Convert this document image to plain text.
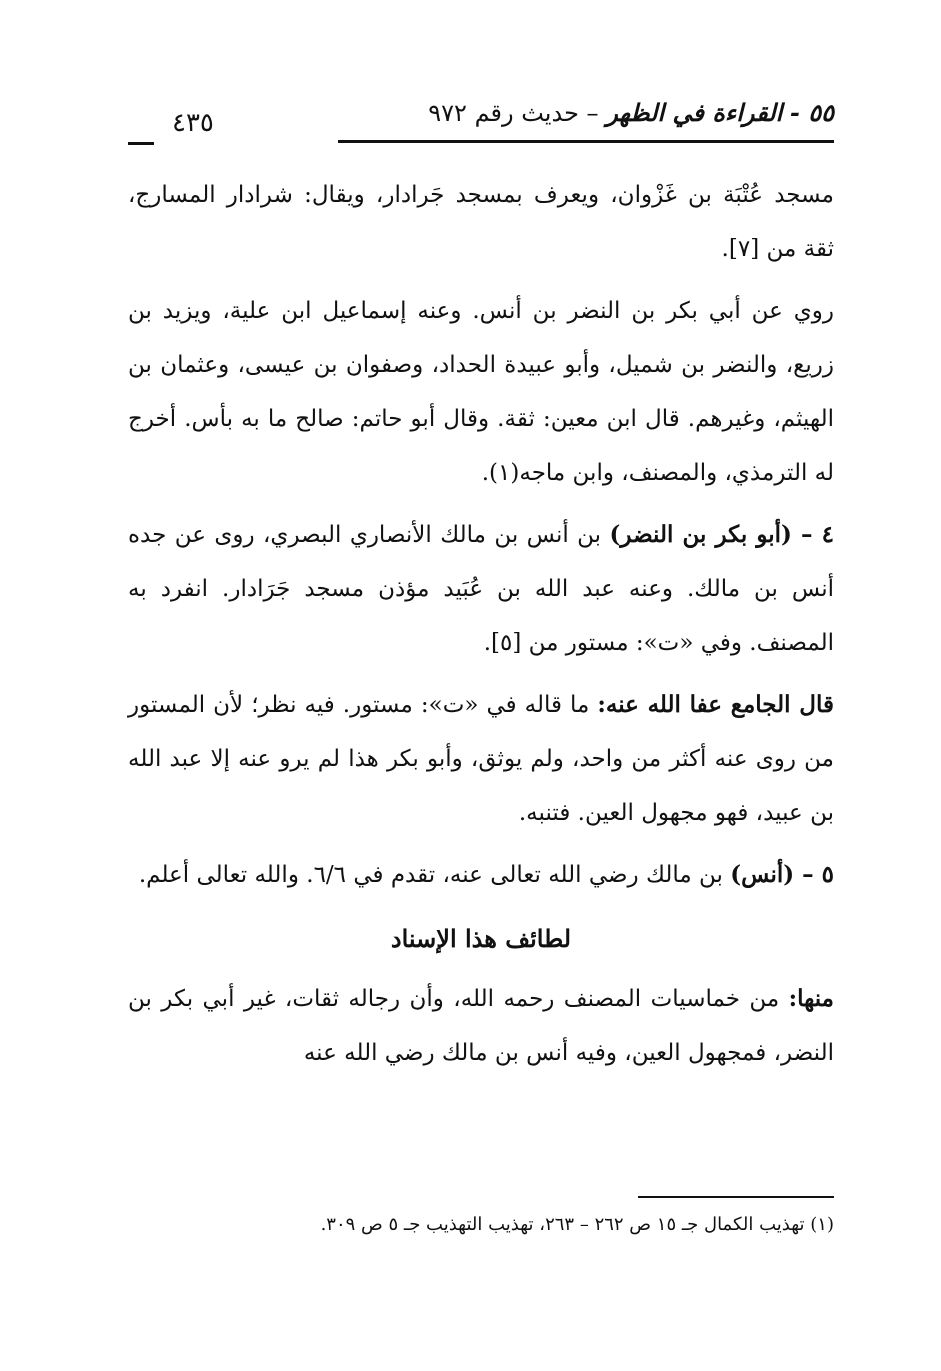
٥٥ - القراءة في الظهر – حديث رقم ٩٧٢
٤٣٥

مسجد عُتْبَة بن غَزْوان، ويعرف بمسجد جَرادار، ويقال: شرادار المسارج، ثقة من [٧].

روي عن أبي بكر بن النضر بن أنس. وعنه إسماعيل ابن علية، ويزيد بن زريع، والنضر بن شميل، وأبو عبيدة الحداد، وصفوان بن عيسى، وعثمان بن الهيثم، وغيرهم. قال ابن معين: ثقة. وقال أبو حاتم: صالح ما به بأس. أخرج له الترمذي، والمصنف، وابن ماجه(١).

٤ – (أبو بكر بن النضر) بن أنس بن مالك الأنصاري البصري، روى عن جده أنس بن مالك. وعنه عبد الله بن عُبَيد مؤذن مسجد جَرَادار. انفرد به المصنف. وفي «ت»: مستور من [٥].

قال الجامع عفا الله عنه: ما قاله في «ت»: مستور. فيه نظر؛ لأن المستور من روى عنه أكثر من واحد، ولم يوثق، وأبو بكر هذا لم يرو عنه إلا عبد الله بن عبيد، فهو مجهول العين. فتنبه.

٥ – (أنس) بن مالك رضي الله تعالى عنه، تقدم في ٦/٦. والله تعالى أعلم.

لطائف هذا الإسناد

منها: من خماسيات المصنف رحمه الله، وأن رجاله ثقات، غير أبي بكر بن النضر، فمجهول العين، وفيه أنس بن مالك رضي الله عنه

(١) تهذيب الكمال جـ ١٥ ص ٢٦٢ – ٢٦٣، تهذيب التهذيب جـ ٥ ص ٣٠٩.
